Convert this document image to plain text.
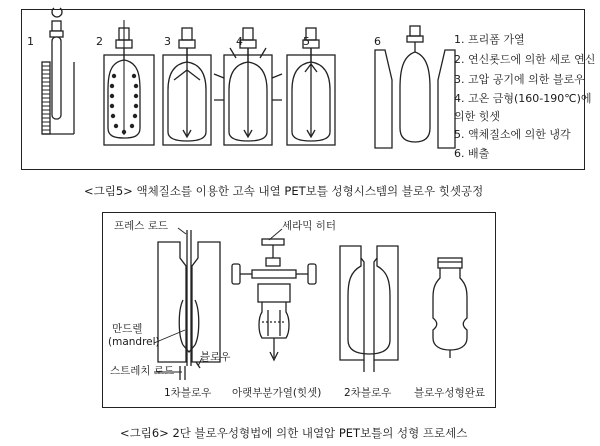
1	2	3	4	5	6	1. 프리폼 가열
2. 연신롯드에 의한 세로 연신
3. 고압 공기에 의한 블로우
4. 고온 금형(160-190℃)에
의한 힛셋
5. 액체질소에 의한 냉각
6. 배출
<그림5> 액체질소를 이용한 고속 내열 PET보틀 성형시스템의 블로우 힛셋공정
프레스 로드	세라믹 히터
만드렐
(mandrel)
블로우
스트레치 로드
1차블로우 아랫부분가열(힛셋) 2차블로우 블로우성형완료
<그림6> 2단 블로우성형법에 의한 내열압 PET보틀의 성형 프로세스
